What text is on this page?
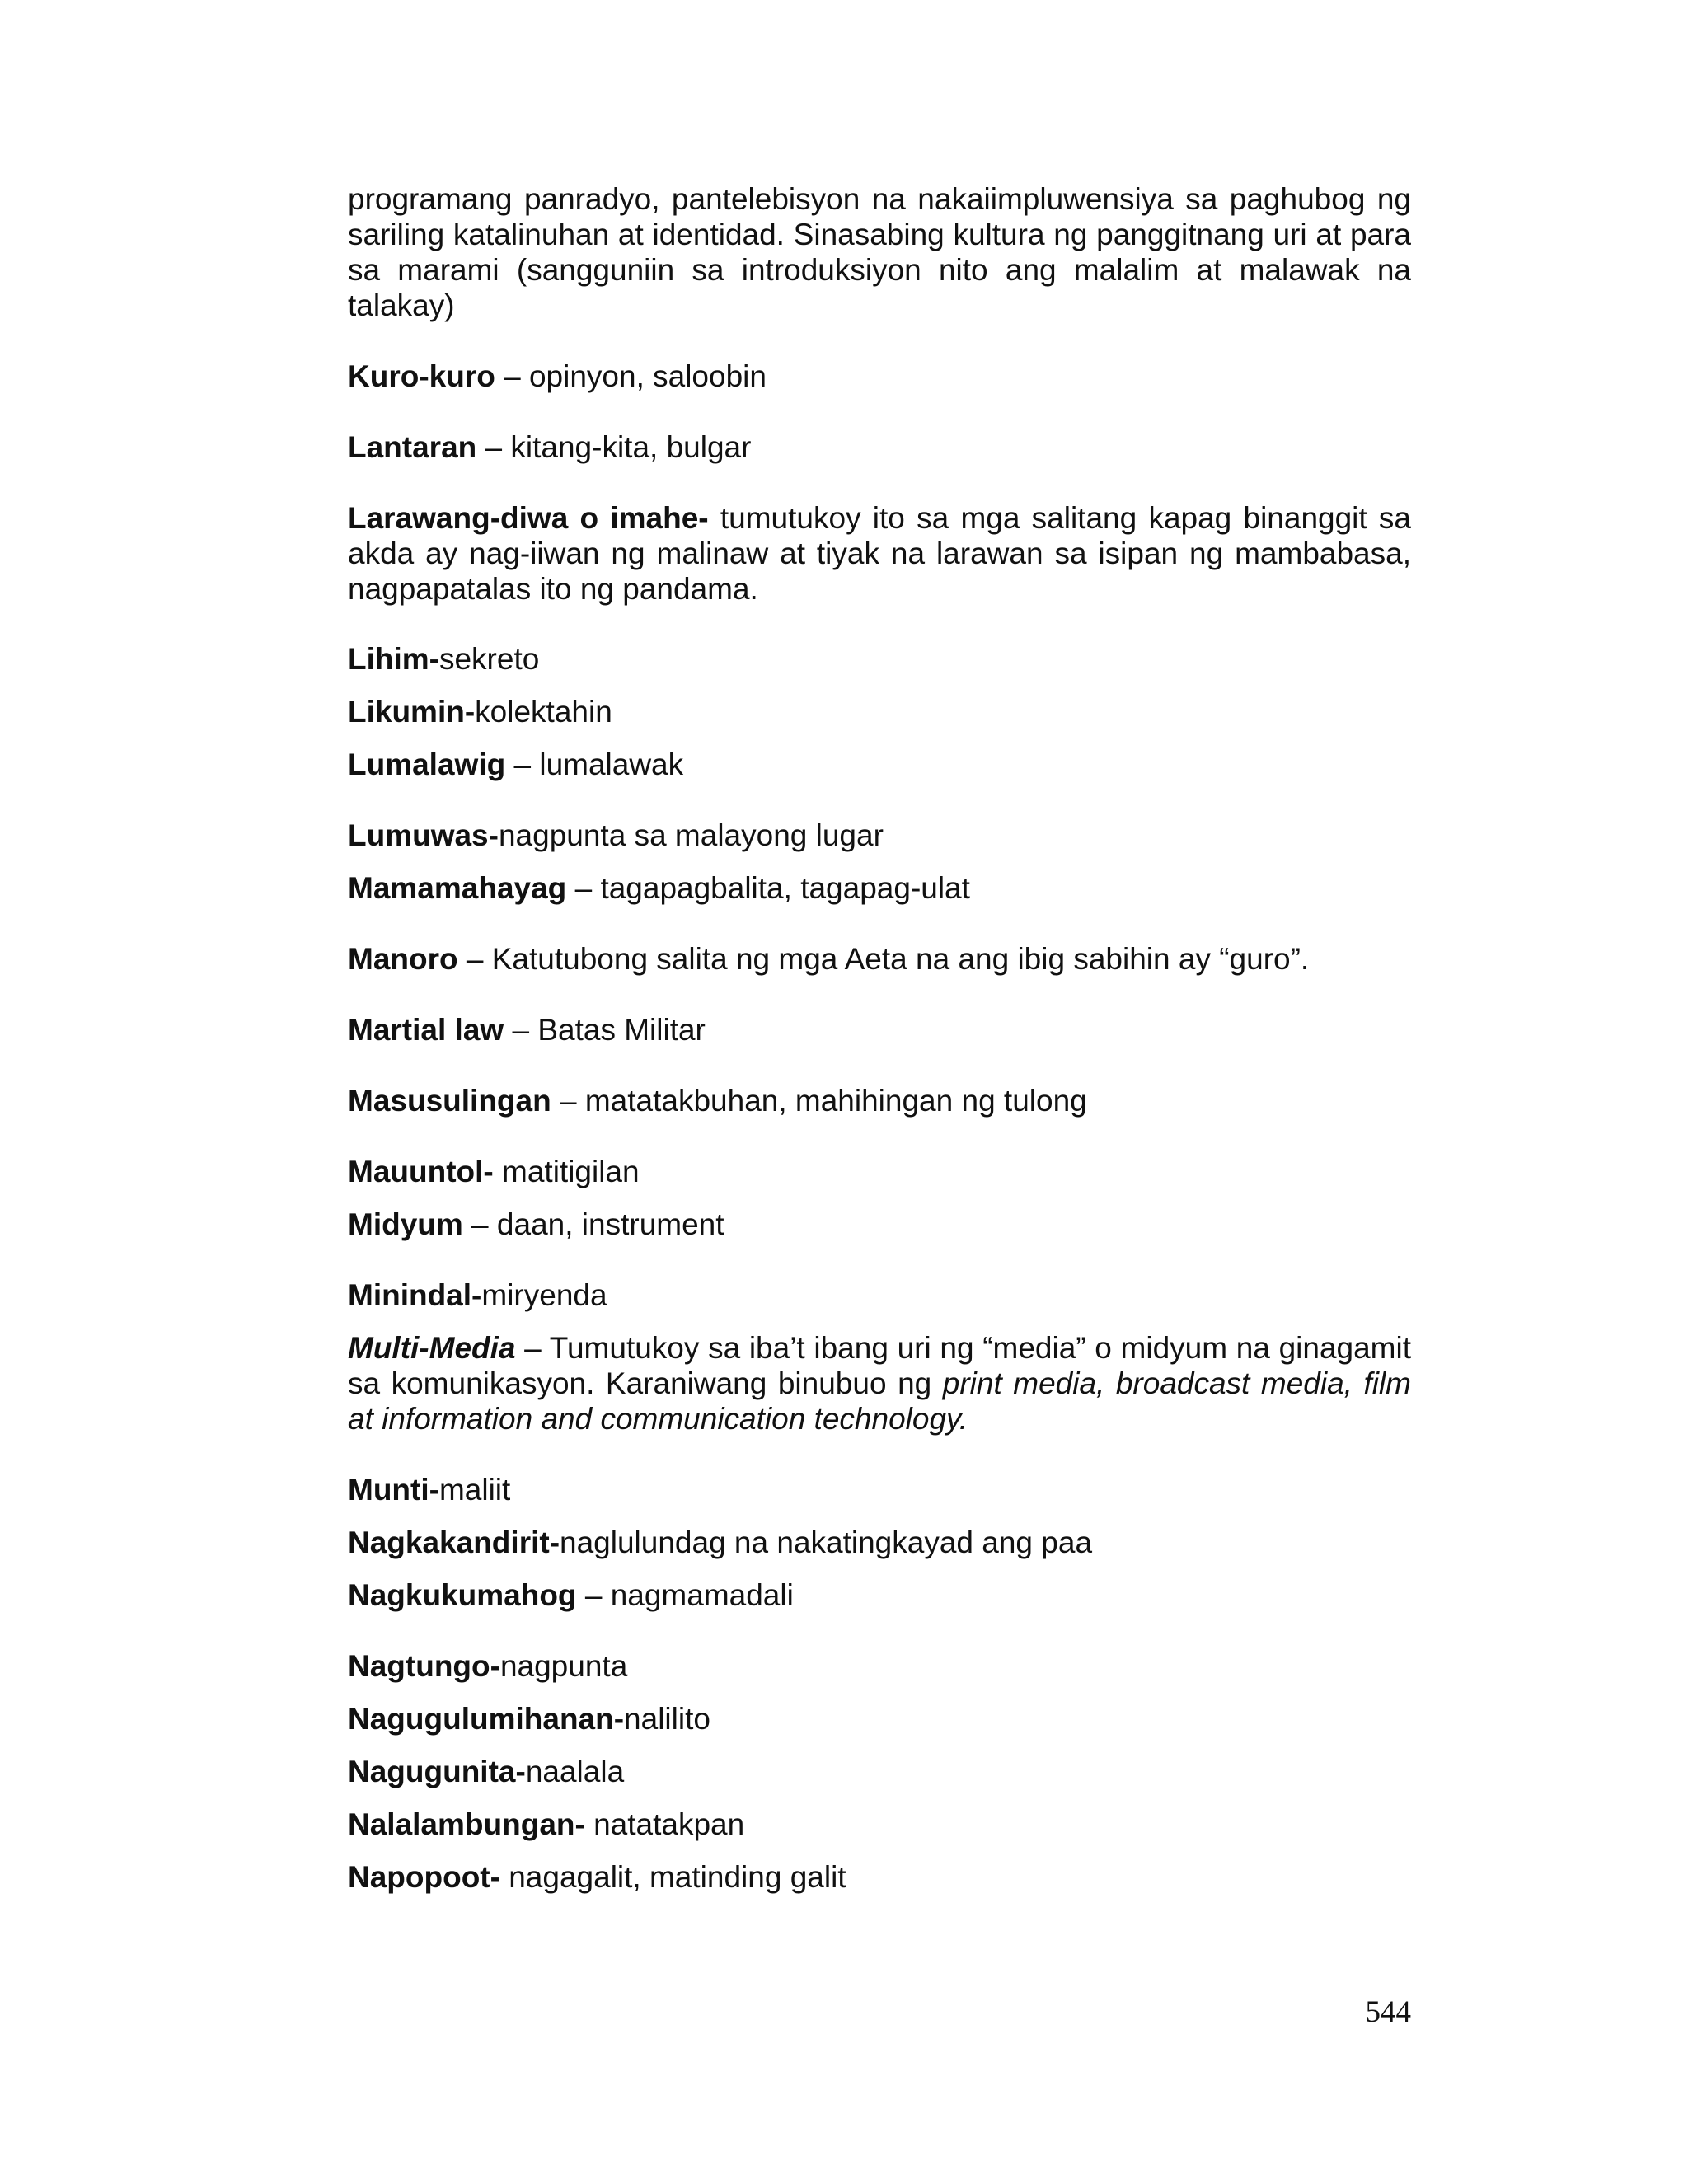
programang panradyo, pantelebisyon na nakaiimpluwensiya sa paghubog ng sariling katalinuhan at identidad. Sinasabing kultura ng panggitnang uri at para sa marami (sangguniin sa introduksiyon nito ang malalim at malawak na talakay)

Kuro-kuro – opinyon, saloobin

Lantaran – kitang-kita, bulgar

Larawang-diwa o imahe- tumutukoy ito sa mga salitang kapag binanggit sa akda ay nag-iiwan ng malinaw at tiyak na larawan sa isipan ng mambabasa, nagpapatalas ito ng pandama.

Lihim-sekreto

Likumin-kolektahin

Lumalawig – lumalawak

Lumuwas-nagpunta sa malayong lugar

Mamamahayag – tagapagbalita, tagapag-ulat

Manoro – Katutubong salita ng mga Aeta na ang ibig sabihin ay “guro”.

Martial law – Batas Militar

Masusulingan – matatakbuhan, mahihingan ng tulong

Mauuntol- matitigilan

Midyum – daan, instrument

Minindal-miryenda

Multi-Media – Tumutukoy sa iba’t ibang uri ng “media” o midyum na ginagamit sa komunikasyon. Karaniwang binubuo ng print media, broadcast media, film at information and communication technology.

Munti-maliit

Nagkakandirit-naglulundag na nakatingkayad ang paa

Nagkukumahog – nagmamadali

Nagtungo-nagpunta

Nagugulumihanan-nalilito

Nagugunita-naalala

Nalalambungan- natatakpan

Napopoot- nagagalit, matinding galit

544
